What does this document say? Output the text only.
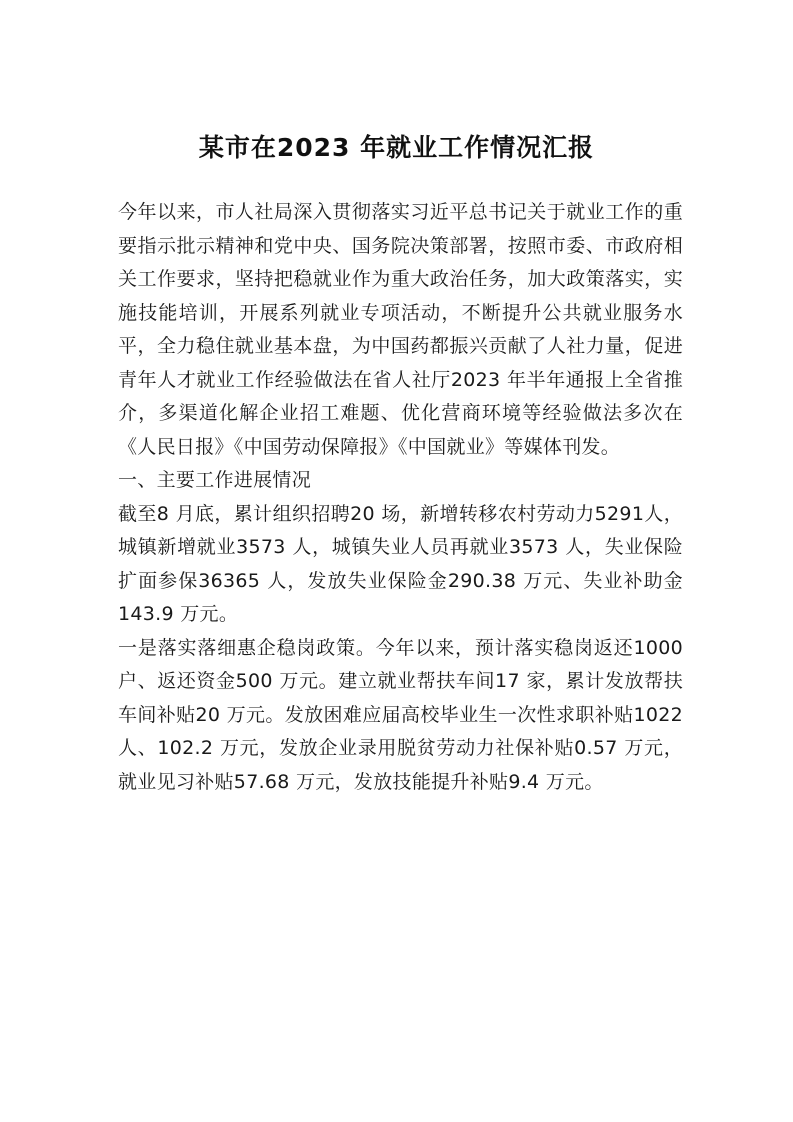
某市在2023 年就业工作情况汇报

今年以来，市人社局深入贯彻落实习近平总书记关于就业工作的重要指示批示精神和党中央、国务院决策部署，按照市委、市政府相关工作要求，坚持把稳就业作为重大政治任务，加大政策落实，实施技能培训，开展系列就业专项活动，不断提升公共就业服务水平，全力稳住就业基本盘，为中国药都振兴贡献了人社力量，促进青年人才就业工作经验做法在省人社厅2023 年半年通报上全省推介，多渠道化解企业招工难题、优化营商环境等经验做法多次在《人民日报》《中国劳动保障报》《中国就业》等媒体刊发。

一、主要工作进展情况

截至8 月底，累计组织招聘20 场，新增转移农村劳动力5291人，城镇新增就业3573 人，城镇失业人员再就业3573 人，失业保险扩面参保36365 人，发放失业保险金290.38 万元、失业补助金143.9 万元。

一是落实落细惠企稳岗政策。今年以来，预计落实稳岗返还1000 户、返还资金500 万元。建立就业帮扶车间17 家，累计发放帮扶车间补贴20 万元。发放困难应届高校毕业生一次性求职补贴1022 人、102.2 万元，发放企业录用脱贫劳动力社保补贴0.57 万元，就业见习补贴57.68 万元，发放技能提升补贴9.4 万元。
